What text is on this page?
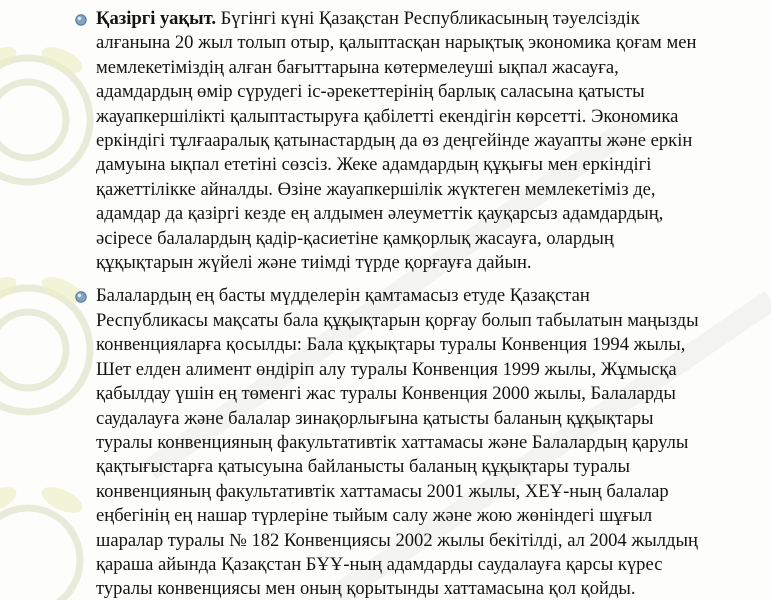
Қазіргі уақыт. Бүгінгі күні Қазақстан Республикасының тәуелсіздік
алғанына 20 жыл толып отыр, қалыптасқан нарықтық экономика қоғам мен
мемлекетіміздің алған бағыттарына көтермелеуші ықпал жасауға,
адамдардың өмір сүрудегі іс-әрекеттерінің барлық саласына қатысты
жауапкершілікті қалыптастыруға қабілетті екендігін көрсетті. Экономика
еркіндігі тұлғааралық қатынастардың да өз деңгейінде жауапты және еркін
дамуына ықпал ететіні сөзсіз. Жеке адамдардың құқығы мен еркіндігі
қажеттілікке айналды. Өзіне жауапкершілік жүктеген мемлекетіміз де,
адамдар да қазіргі кезде ең алдымен әлеуметтік қауқарсыз адамдардың,
әсіресе балалардың қадір-қасиетіне қамқорлық жасауға, олардың
құқықтарын жүйелі және тиімді түрде қорғауға дайын.
Балалардың ең басты мүдделерін қамтамасыз етуде Қазақстан
Республикасы мақсаты бала құқықтарын қорғау болып табылатын маңызды
конвенцияларға қосылды: Бала құқықтары туралы Конвенция 1994 жылы,
Шет елден алимент өндіріп алу туралы Конвенция 1999 жылы, Жұмысқа
қабылдау үшін ең төменгі жас туралы Конвенция 2000 жылы, Балаларды
саудалауға және балалар зинақорлығына қатысты баланың құқықтары
туралы конвенцияның факультативтік хаттамасы және Балалардың қарулы
қақтығыстарға қатысуына байланысты баланың құқықтары туралы
конвенцияның факультативтік хаттамасы 2001 жылы, ХЕҰ-ның балалар
еңбегінің ең нашар түрлеріне тыйым салу және жою жөніндегі шұғыл
шаралар туралы № 182 Конвенциясы 2002 жылы бекітілді, ал 2004 жылдың
қараша айында Қазақстан БҰҰ-ның адамдарды саудалауға қарсы күрес
туралы конвенциясы мен оның қорытынды хаттамасына қол қойды.
